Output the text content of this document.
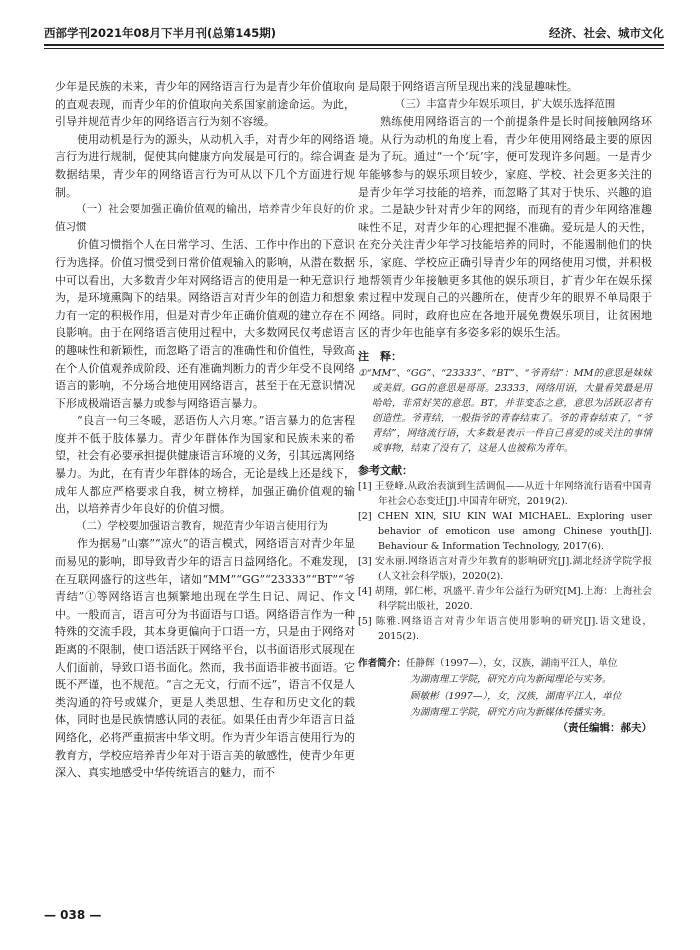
西部学刊2021年08月下半月刊(总第145期)	经济、社会、城市文化

少年是民族的未来，青少年的网络语言行为是青少年价值取向的直观表现，而青少年的价值取向关系国家前途命运。为此，引导并规范青少年的网络语言行为刻不容缓。

使用动机是行为的源头，从动机入手，对青少年的网络语言行为进行规制，促使其向健康方向发展是可行的。综合调查数据结果，青少年的网络语言行为可从以下几个方面进行规制。

（一）社会要加强正确价值观的输出，培养青少年良好的价值习惯

价值习惯指个人在日常学习、生活、工作中作出的下意识行为选择。价值习惯受到日常价值观输入的影响，从潜在数据中可以看出，大多数青少年对网络语言的使用是一种无意识行为，是环境熏陶下的结果。网络语言对青少年的创造力和想象力有一定的积极作用，但是对青少年正确价值观的建立存在不良影响。由于在网络语言使用过程中，大多数网民仅考虑语言的趣味性和新颖性，而忽略了语言的准确性和价值性，导致高在个人价值观养成阶段、还有准确判断力的青少年受不良网络语言的影响，不分场合地使用网络语言，甚至于在无意识情况下形成极端语言暴力或参与网络语言暴力。

“良言一句三冬暖，恶语伤人六月寒。”语言暴力的危害程度并不低于肢体暴力。青少年群体作为国家和民族未来的希望，社会有必要承担提供健康语言环境的义务，引其远离网络暴力。为此，在有青少年群体的场合，无论是线上还是线下，成年人都应严格要求自我，树立榜样，加强正确价值观的输出，以培养青少年良好的价值习惯。

（二）学校要加强语言教育，规范青少年语言使用行为

作为据易“山寨”“凉火”的语言模式，网络语言对青少年显而易见的影响，即导致青少年的语言日益网络化。不难发现，在互联网盛行的这些年，诸如“MM”“GG”“23333”“BT”“爷青结”①等网络语言也频繁地出现在学生日记、周记、作文中。一般而言，语言可分为书面语与口语。网络语言作为一种特殊的交流手段，其本身更偏向于口语一方，只是由于网络对距离的不限制，使口语活跃于网络平台，以书面语形式展现在人们面前，导致口语书面化。然而，我书面语非被书面语。它既不严谨，也不规范。“言之无文，行而不远”，语言不仅是人类沟通的符号或媒介，更是人类思想、生存和历史文化的载体，同时也是民族情感认同的表征。如果任由青少年语言日益网络化，必将严重损害中华文明。作为青少年语言使用行为的教育方，学校应培养青少年对于语言美的敏感性，使青少年更深入、真实地感受中华传统语言的魅力，而不

是局限于网络语言所呈现出来的浅显趣味性。

（三）丰富青少年娱乐项目，扩大娱乐选择范围

熟练使用网络语言的一个前提条件是长时间接触网络环境。从行为动机的角度上看，青少年使用网络最主要的原因是为了玩。通过“一个‘玩’字，便可发现许多问题。一是青少年能够参与的娱乐项目较少，家庭、学校、社会更多关注的是青少年学习技能的培养，而忽略了其对于快乐、兴趣的追求。二是缺少针对青少年的网络，而现有的青少年网络准趣味性不足，对青少年的心理把握不准确。爱玩是人的天性，在充分关注青少年学习技能培养的同时，不能遏制他们的快乐，家庭、学校应正确引导青少年的网络使用习惯，并积极地帮领青少年接触更多其他的娱乐项目，扩青少年在娱乐探索过程中发现自己的兴趣所在，使青少年的眼界不单局限于网络。同时，政府也应在各地开展免费娱乐项目，让贫困地区的青少年也能享有多姿多彩的娱乐生活。

注　释：

①“MM”、“GG”、“23333”、“BT”、“爷青结”：MM的意思是妹妹或美眉。GG的意思是哥哥。23333，网络用语，大量看笑最是用哈哈，非常好笑的意思。BT，并非变态之意，意思为活跃忍者有创造性。爷青结，一般指爷的青春结束了。爷的青春结束了，“爷青结”，网络流行语，大多数是表示一件自己喜爱的或关注的事情或事物，结束了没有了，这是人也被称为青年。

参考文献：

[1] 王登峰.从政治表演到生活调侃——从近十年网络流行语看中国青年社会心态变迁[J].中国青年研究，2019(2).

[2] CHEN XIN, SIU KIN WAI MICHAEL. Exploring user behavior of emoticon use among Chinese youth[J]. Behaviour & Information Technology, 2017(6).

[3] 安永丽.网络语言对青少年教育的影响研究[J].湖北经济学院学报(人文社会科学版)，2020(2).

[4] 胡翔，郭仁彬，巩盛平.青少年公益行为研究[M].上海：上海社会科学院出版社，2020.

[5] 陈雅.网络语言对青少年语言使用影响的研究[J].语文建设，2015(2).

作者简介：任静辉（1997—），女，汉族，湖南平江人，单位

为湖南理工学院，研究方向为新闻理论与实务。

顾敏彬（1997—），女，汉族，湖南平江人，单位

为湖南理工学院，研究方向为新媒体传播实务。

（责任编辑：郝夫）

— 038 —
